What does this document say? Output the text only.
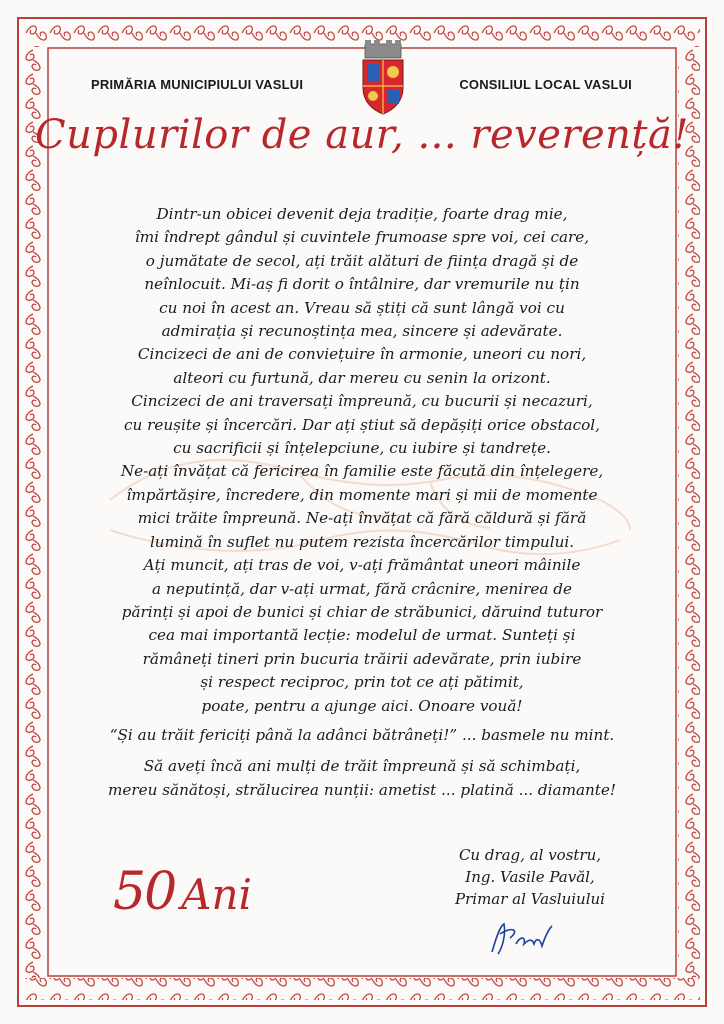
PRIMĂRIA MUNICIPIULUI VASLUI	CONSILIUL LOCAL VASLUI
Cuplurilor de aur, ... reverență!

Dintr-un obicei devenit deja tradiție, foarte drag mie,

îmi îndrept gândul și cuvintele frumoase spre voi, cei care,

o jumătate de secol, ați trăit alături de ființa dragă și de

neînlocuit. Mi-aș fi dorit o întâlnire, dar vremurile nu țin

cu noi în acest an. Vreau să știți că sunt lângă voi cu

admirația și recunoștința mea, sincere și adevărate.

Cincizeci de ani de conviețuire în armonie, uneori cu nori,

alteori cu furtună, dar mereu cu senin la orizont.

Cincizeci de ani traversați împreună, cu bucurii și necazuri,

cu reușite și încercări. Dar ați știut să depășiți orice obstacol,

cu sacrificii și înțelepciune, cu iubire și tandrețe.

Ne-ați învățat că fericirea în familie este făcută din înțelegere,

împărtășire, încredere, din momente mari și mii de momente

mici trăite împreună. Ne-ați învățat că fără căldură și fără

lumină în suflet nu putem rezista încercărilor timpului.

Ați muncit, ați tras de voi, v-ați frământat uneori mâinile

a neputință, dar v-ați urmat, fără crâcnire, menirea de

părinți și apoi de bunici și chiar de străbunici, dăruind tuturor

cea mai importantă lecție: modelul de urmat. Sunteți și

rămâneți tineri prin bucuria trăirii adevărate, prin iubire

și respect reciproc, prin tot ce ați pătimit,

poate, pentru a ajunge aici. Onoare vouă!

“Și au trăit fericiți până la adânci bătrâneți!” ... basmele nu mint.

Să aveți încă ani mulți de trăit împreună și să schimbați,

mereu sănătoși, strălucirea nunții: ametist ... platină ... diamante!

50 Ani
Cu drag, al vostru,
Ing. Vasile Pavăl,
Primar al Vasluiului
